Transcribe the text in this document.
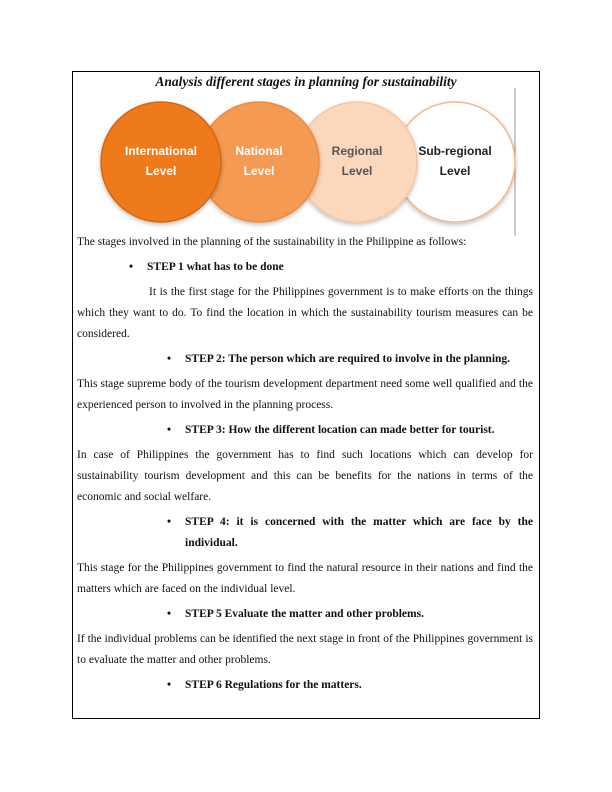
Analysis different stages in planning for sustainability
Sub-regional
Level
Regional
Level
National
Level
International
Level

The stages involved in the planning of the sustainability in the Philippine as follows:

•	STEP 1 what has to be done

It is the first stage for the Philippines government is to make efforts on the things which they want to do. To find the location in which the sustainability tourism measures can be considered.

•	STEP 2: The person which are required to involve in the planning.

This stage supreme body of the tourism development department need some well qualified and the experienced person to involved in the planning process.

•	STEP 3: How the different location can made better for tourist.

In case of Philippines the government has to find such locations which can develop for sustainability tourism development and this can be benefits for the nations in terms of the economic and social welfare.

•	STEP 4: it is concerned with the matter which are face by the individual.

This stage for the Philippines government to find the natural resource in their nations and find the matters which are faced on the individual level.

•	STEP 5 Evaluate the matter and other problems.

If the individual problems can be identified the next stage in front of the Philippines government is to evaluate the matter and other problems.

•	STEP 6 Regulations for the matters.
